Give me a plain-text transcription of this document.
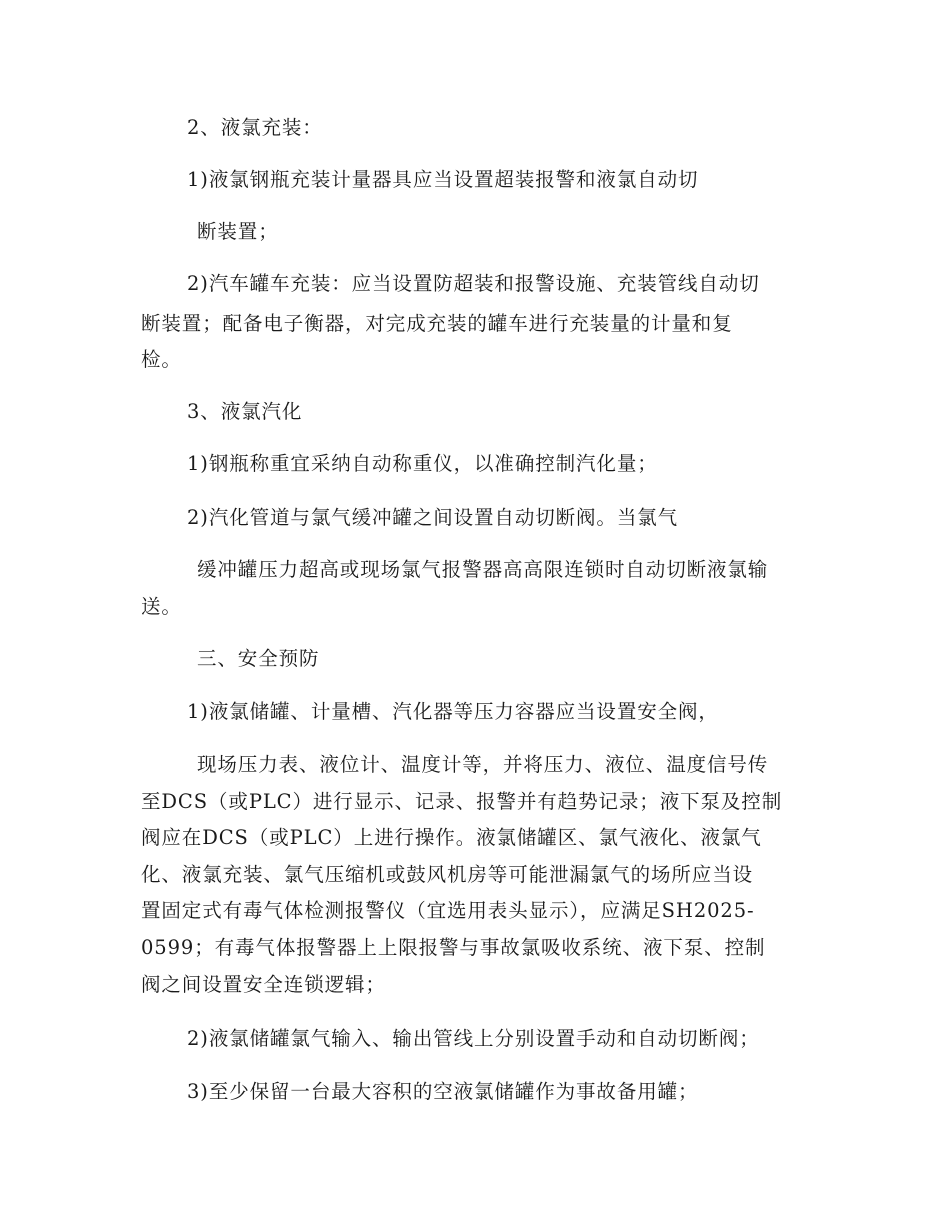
2、液氯充装：
1)液氯钢瓶充装计量器具应当设置超装报警和液氯自动切
断装置；
2)汽车罐车充装：应当设置防超装和报警设施、充装管线自动切
断装置；配备电子衡器，对完成充装的罐车进行充装量的计量和复
检。
3、液氯汽化
1)钢瓶称重宜采纳自动称重仪，以准确控制汽化量；
2)汽化管道与氯气缓冲罐之间设置自动切断阀。当氯气
缓冲罐压力超高或现场氯气报警器高高限连锁时自动切断液氯输
送。
三、安全预防
1)液氯储罐、计量槽、汽化器等压力容器应当设置安全阀，
现场压力表、液位计、温度计等，并将压力、液位、温度信号传
至DCS（或PLC）进行显示、记录、报警并有趋势记录；液下泵及控制
阀应在DCS（或PLC）上进行操作。液氯储罐区、氯气液化、液氯气
化、液氯充装、氯气压缩机或鼓风机房等可能泄漏氯气的场所应当设
置固定式有毒气体检测报警仪（宜选用表头显示），应满足SH2025-
0599；有毒气体报警器上上限报警与事故氯吸收系统、液下泵、控制
阀之间设置安全连锁逻辑；
2)液氯储罐氯气输入、输出管线上分别设置手动和自动切断阀；
3)至少保留一台最大容积的空液氯储罐作为事故备用罐；
